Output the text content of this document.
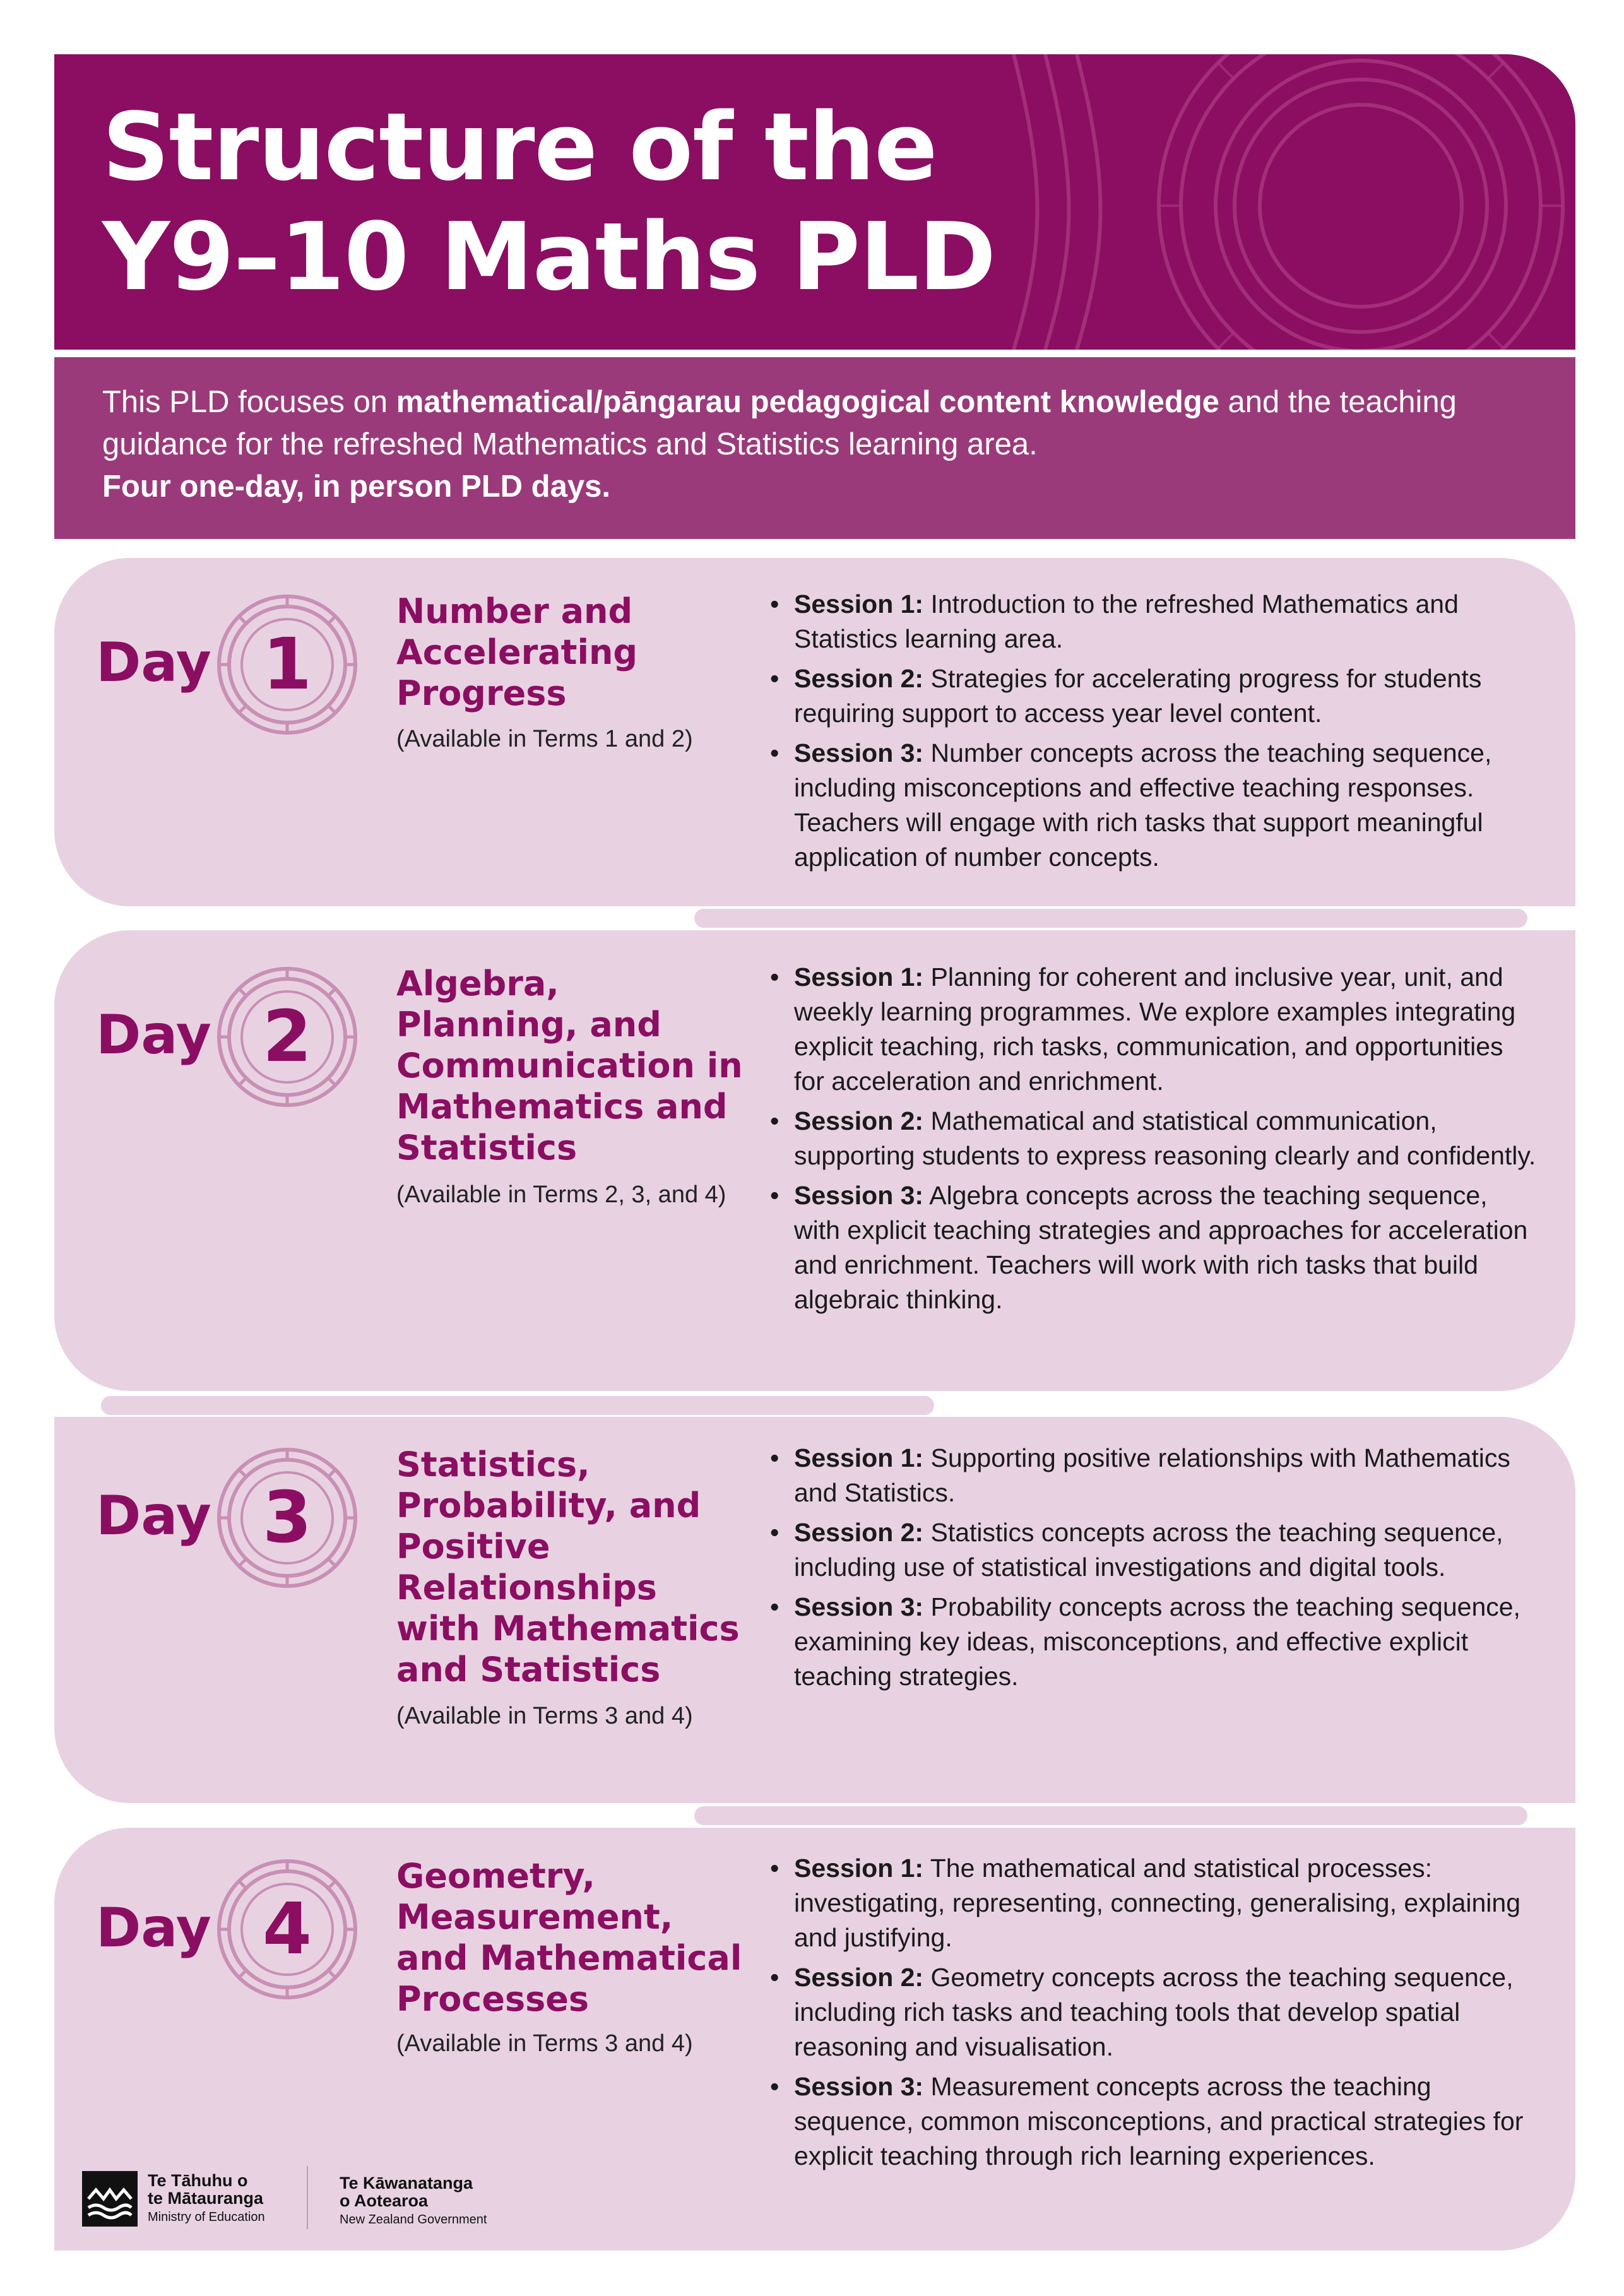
Structure of the
Y9–10 Maths PLD
This PLD focuses on mathematical/pāngarau pedagogical content knowledge and the teaching guidance for the refreshed Mathematics and Statistics learning area.
Four one-day, in person PLD days.
Day 1
Number and Accelerating Progress
(Available in Terms 1 and 2)
• Session 1: Introduction to the refreshed Mathematics and Statistics learning area.
• Session 2: Strategies for accelerating progress for students requiring support to access year level content.
• Session 3: Number concepts across the teaching sequence, including misconceptions and effective teaching responses. Teachers will engage with rich tasks that support meaningful application of number concepts.
Day 2
Algebra, Planning, and Communication in Mathematics and Statistics
(Available in Terms 2, 3, and 4)
• Session 1: Planning for coherent and inclusive year, unit, and weekly learning programmes. We explore examples integrating explicit teaching, rich tasks, communication, and opportunities for acceleration and enrichment.
• Session 2: Mathematical and statistical communication, supporting students to express reasoning clearly and confidently.
• Session 3: Algebra concepts across the teaching sequence, with explicit teaching strategies and approaches for acceleration and enrichment. Teachers will work with rich tasks that build algebraic thinking.
Day 3
Statistics, Probability, and Positive Relationships with Mathematics and Statistics
(Available in Terms 3 and 4)
• Session 1: Supporting positive relationships with Mathematics and Statistics.
• Session 2: Statistics concepts across the teaching sequence, including use of statistical investigations and digital tools.
• Session 3: Probability concepts across the teaching sequence, examining key ideas, misconceptions, and effective explicit teaching strategies.
Day 4
Geometry, Measurement, and Mathematical Processes
(Available in Terms 3 and 4)
• Session 1: The mathematical and statistical processes: investigating, representing, connecting, generalising, explaining and justifying.
• Session 2: Geometry concepts across the teaching sequence, including rich tasks and teaching tools that develop spatial reasoning and visualisation.
• Session 3: Measurement concepts across the teaching sequence, common misconceptions, and practical strategies for explicit teaching through rich learning experiences.
Te Tāhuhu o
te Mātauranga
Ministry of Education
Te Kāwanatanga
o Aotearoa
New Zealand Government
